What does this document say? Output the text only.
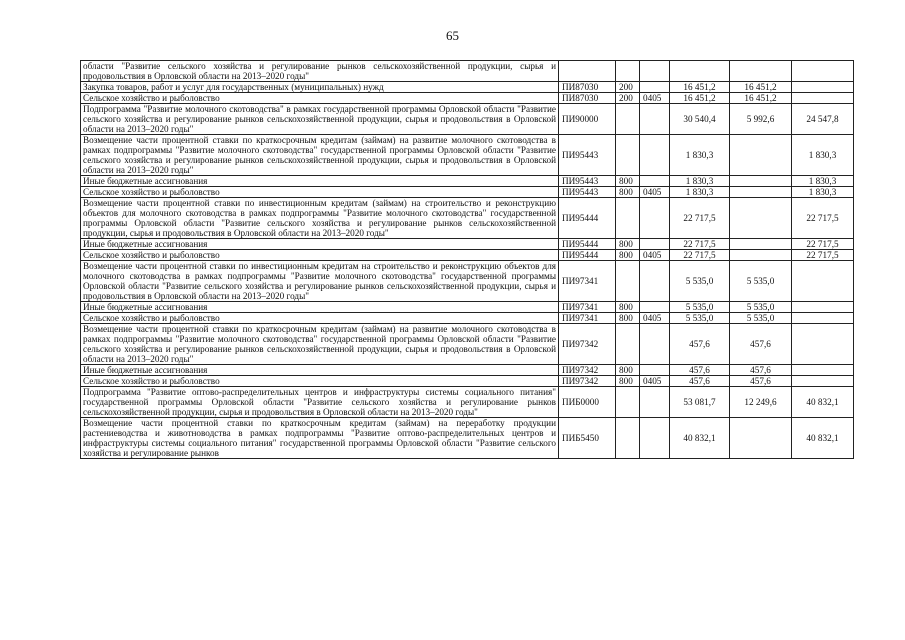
65
области "Развитие сельского хозяйства и регулирование рынков сельскохозяйственной продукции, сырья и продовольствия в Орловской области на 2013–2020 годы"						
Закупка товаров, работ и услуг для государственных (муниципальных) нужд	ПИ87030	200		16 451,2	16 451,2	
Сельское хозяйство и рыболовство	ПИ87030	200	0405	16 451,2	16 451,2	
Подпрограмма "Развитие молочного скотоводства" в рамках государственной программы Орловской области "Развитие сельского хозяйства и регулирование рынков сельскохозяйственной продукции, сырья и продовольствия в Орловской области на 2013–2020 годы"	ПИ90000			30 540,4	5 992,6	24 547,8
Возмещение части процентной ставки по краткосрочным кредитам (займам) на развитие молочного скотоводства в рамках подпрограммы "Развитие молочного скотоводства" государственной программы Орловской области "Развитие сельского хозяйства и регулирование рынков сельскохозяйственной продукции, сырья и продовольствия в Орловской области на 2013–2020 годы"	ПИ95443			1 830,3		1 830,3
Иные бюджетные ассигнования	ПИ95443	800		1 830,3		1 830,3
Сельское хозяйство и рыболовство	ПИ95443	800	0405	1 830,3		1 830,3
Возмещение части процентной ставки по инвестиционным кредитам (займам) на строительство и реконструкцию объектов для молочного скотоводства в рамках подпрограммы "Развитие молочного скотоводства" государственной программы Орловской области "Развитие сельского хозяйства и регулирование рынков сельскохозяйственной продукции, сырья и продовольствия в Орловской области на 2013–2020 годы"	ПИ95444			22 717,5		22 717,5
Иные бюджетные ассигнования	ПИ95444	800		22 717,5		22 717,5
Сельское хозяйство и рыболовство	ПИ95444	800	0405	22 717,5		22 717,5
Возмещение части процентной ставки по инвестиционным кредитам на строительство и реконструкцию объектов для молочного скотоводства в рамках подпрограммы "Развитие молочного скотоводства" государственной программы Орловской области "Развитие сельского хозяйства и регулирование рынков сельскохозяйственной продукции, сырья и продовольствия в Орловской области на 2013–2020 годы"	ПИ97341			5 535,0	5 535,0	
Иные бюджетные ассигнования	ПИ97341	800		5 535,0	5 535,0	
Сельское хозяйство и рыболовство	ПИ97341	800	0405	5 535,0	5 535,0	
Возмещение части процентной ставки по краткосрочным кредитам (займам) на развитие молочного скотоводства в рамках подпрограммы "Развитие молочного скотоводства" государственной программы Орловской области "Развитие сельского хозяйства и регулирование рынков сельскохозяйственной продукции, сырья и продовольствия в Орловской области на 2013–2020 годы"	ПИ97342			457,6	457,6	
Иные бюджетные ассигнования	ПИ97342	800		457,6	457,6	
Сельское хозяйство и рыболовство	ПИ97342	800	0405	457,6	457,6	
Подпрограмма "Развитие оптово-распределительных центров и инфраструктуры системы социального питания" государственной программы Орловской области "Развитие сельского хозяйства и регулирование рынков сельскохозяйственной продукции, сырья и продовольствия в Орловской области на 2013–2020 годы"	ПИБ0000			53 081,7	12 249,6	40 832,1
Возмещение части процентной ставки по краткосрочным кредитам (займам) на переработку продукции растениеводства и животноводства в рамках подпрограммы "Развитие оптово-распределительных центров и инфраструктуры системы социального питания" государственной программы Орловской области "Развитие сельского хозяйства и регулирование рынков	ПИБ5450			40 832,1		40 832,1
